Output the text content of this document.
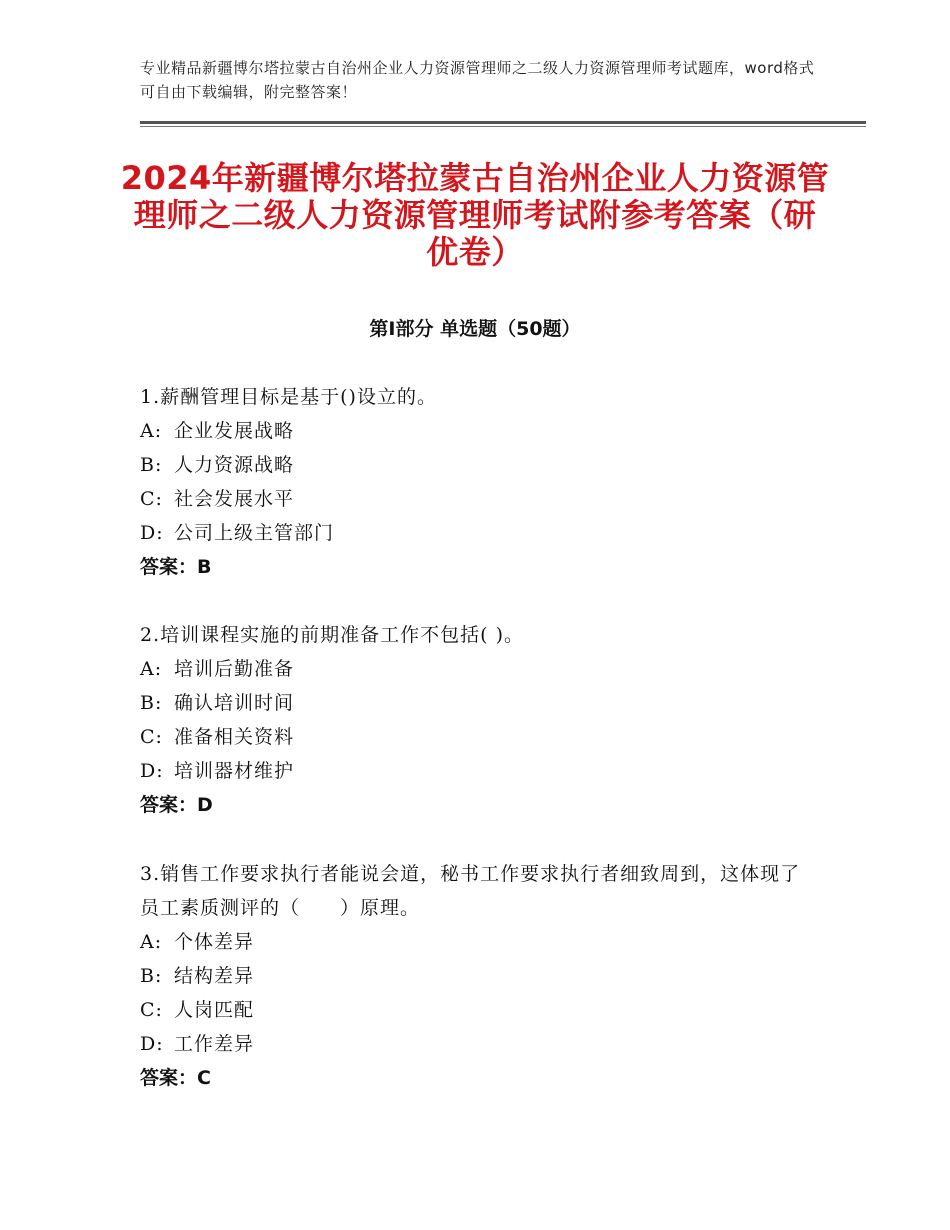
专业精品新疆博尔塔拉蒙古自治州企业人力资源管理师之二级人力资源管理师考试题库，word格式可自由下载编辑，附完整答案！
2024年新疆博尔塔拉蒙古自治州企业人力资源管理师之二级人力资源管理师考试附参考答案（研优卷）
第Ⅰ部分 单选题（50题）

1.薪酬管理目标是基于()设立的。

A: 企业发展战略
B: 人力资源战略
C: 社会发展水平
D: 公司上级主管部门
答案：B

2.培训课程实施的前期准备工作不包括( )。

A: 培训后勤准备
B: 确认培训时间
C: 准备相关资料
D: 培训器材维护
答案：D

3.销售工作要求执行者能说会道，秘书工作要求执行者细致周到，这体现了员工素质测评的（　　）原理。

A: 个体差异
B: 结构差异
C: 人岗匹配
D: 工作差异
答案：C
